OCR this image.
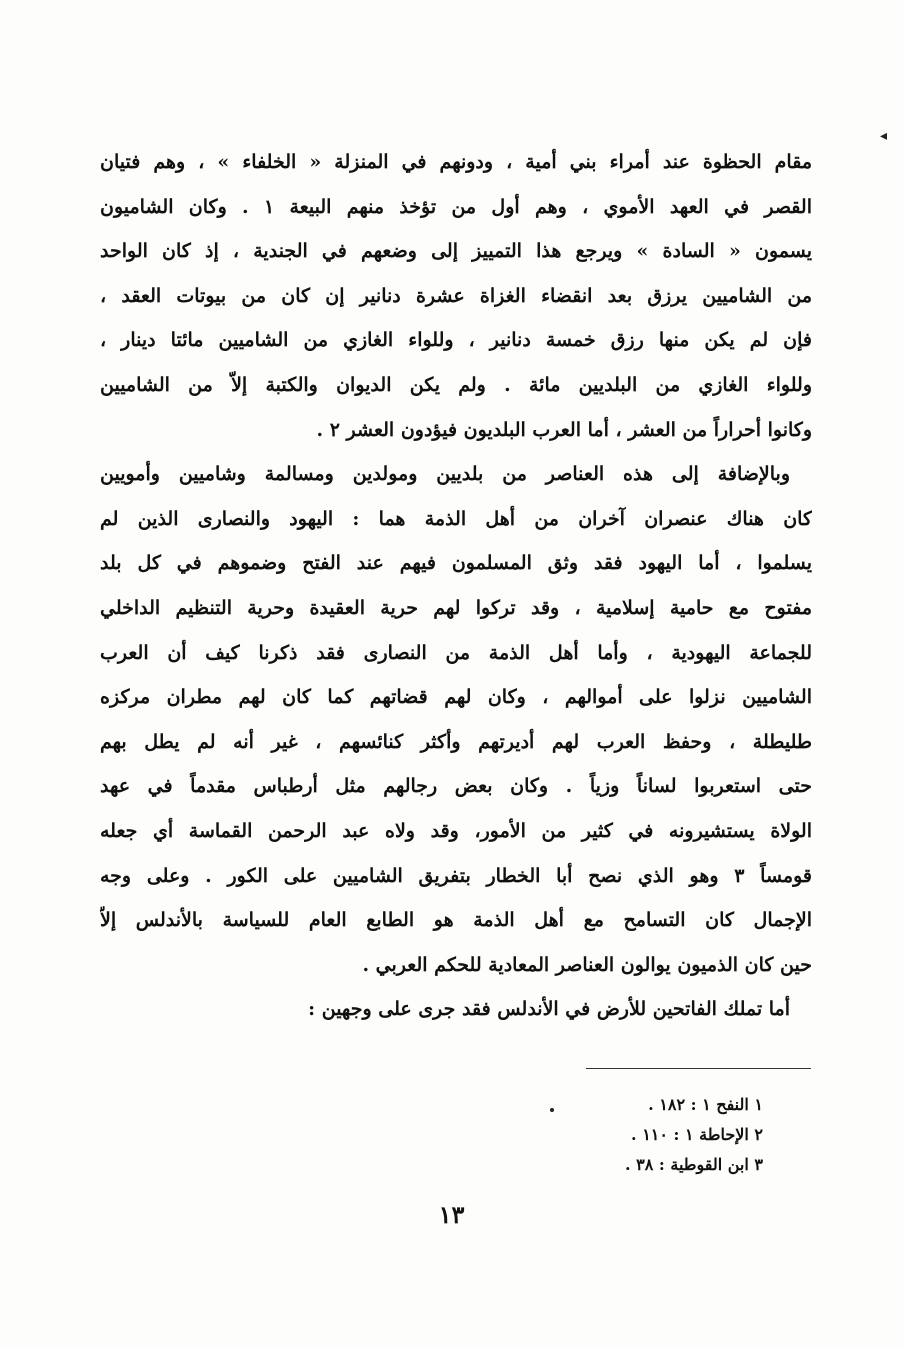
◂
مقام الحظوة عند أمراء بني أمية ، ودونهم في المنزلة « الخلفاء » ، وهم فتيان
القصر في العهد الأموي ، وهم أول من تؤخذ منهم البيعة ١ . وكان الشاميون
يسمون « السادة » ويرجع هذا التمييز إلى وضعهم في الجندية ، إذ كان الواحد
من الشاميين يرزق بعد انقضاء الغزاة عشرة دنانير إن كان من بيوتات العقد ،
فإن لم يكن منها رزق خمسة دنانير ، وللواء الغازي من الشاميين مائتا دينار ،
وللواء الغازي من البلديين مائة . ولم يكن الديوان والكتبة إلاّ من الشاميين
وكانوا أحراراً من العشر ، أما العرب البلديون فيؤدون العشر ٢ .
وبالإضافة إلى هذه العناصر من بلديين ومولدين ومسالمة وشاميين وأمويين
كان هناك عنصران آخران من أهل الذمة هما : اليهود والنصارى الذين لم
يسلموا ، أما اليهود فقد وثق المسلمون فيهم عند الفتح وضموهم في كل بلد
مفتوح مع حامية إسلامية ، وقد تركوا لهم حرية العقيدة وحرية التنظيم الداخلي
للجماعة اليهودية ، وأما أهل الذمة من النصارى فقد ذكرنا كيف أن العرب
الشاميين نزلوا على أموالهم ، وكان لهم قضاتهم كما كان لهم مطران مركزه
طليطلة ، وحفظ العرب لهم أديرتهم وأكثر كنائسهم ، غير أنه لم يطل بهم
حتى استعربوا لساناً وزياً . وكان بعض رجالهم مثل أرطباس مقدماً في عهد
الولاة يستشيرونه في كثير من الأمور، وقد ولاه عبد الرحمن القماسة أي جعله
قومساً ٣ وهو الذي نصح أبا الخطار بتفريق الشاميين على الكور . وعلى وجه
الإجمال كان التسامح مع أهل الذمة هو الطابع العام للسياسة بالأندلس إلاّ
حين كان الذميون يوالون العناصر المعادية للحكم العربي .
أما تملك الفاتحين للأرض في الأندلس فقد جرى على وجهين :
١ النفح ١ : ١٨٢ .
٢ الإحاطة ١ : ١١٠ .
٣ ابن القوطية : ٣٨ .
١٣
